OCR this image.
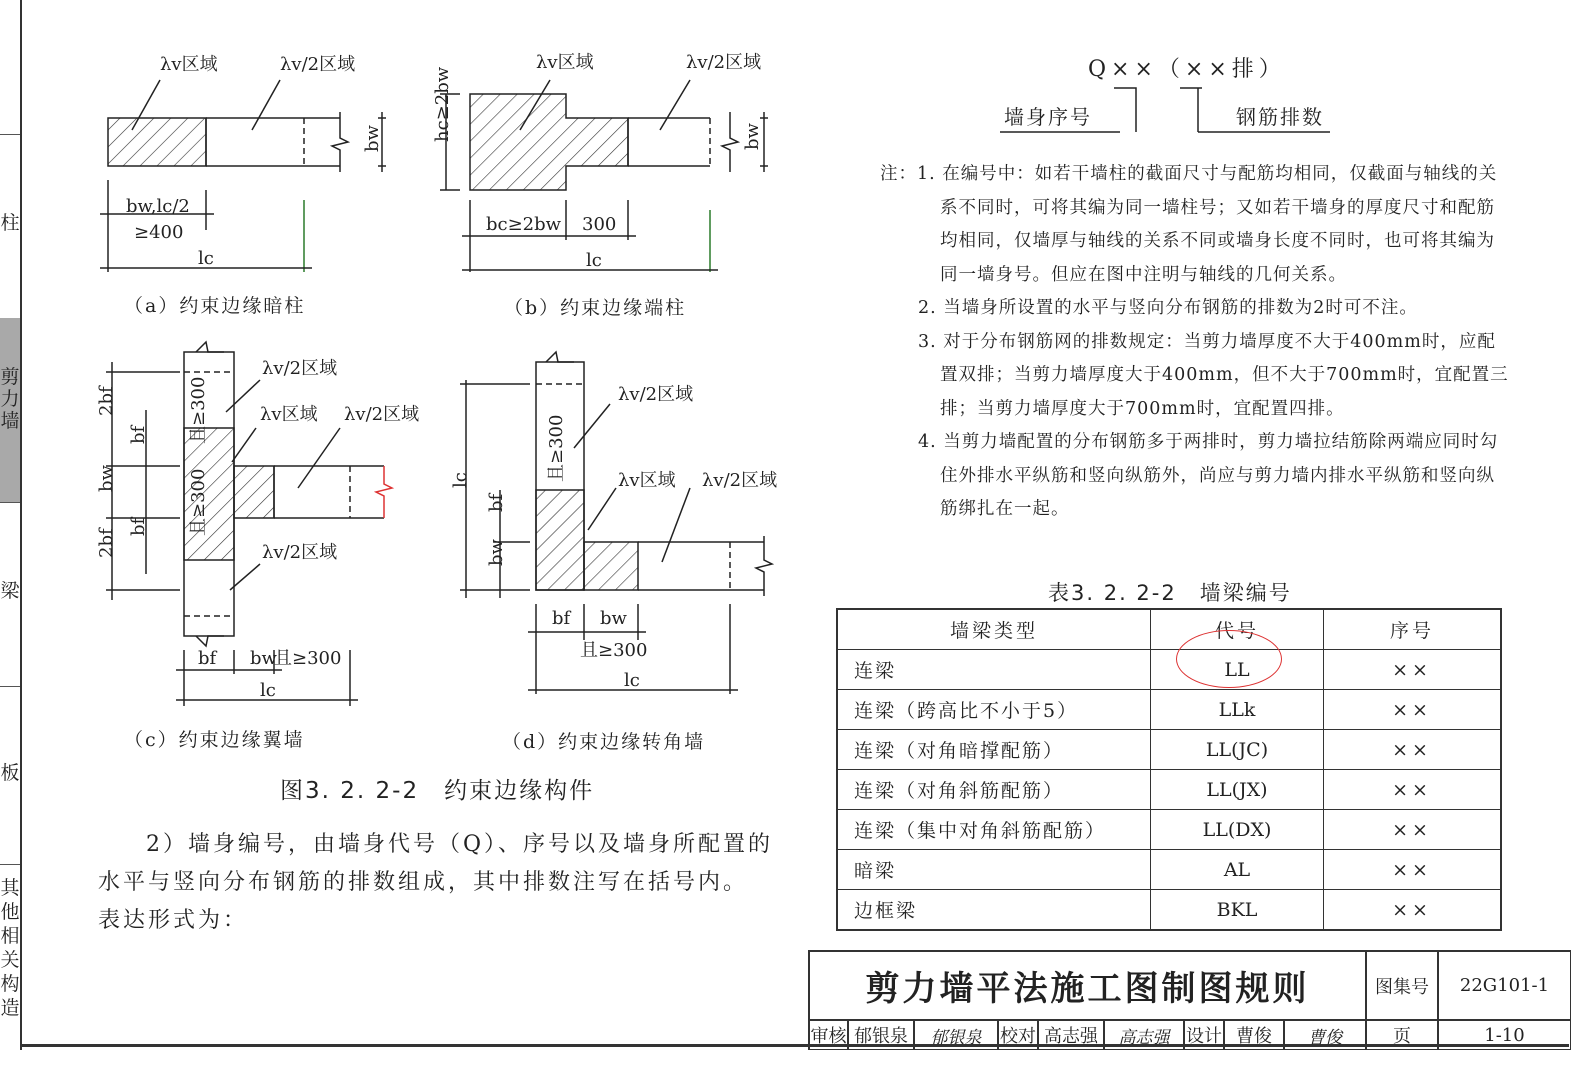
柱
剪力墙
梁
板
其他相关构造
λv区域	λv/2区域
bw,lc/2
≥400
lc
bw
λv区域	λv/2区域
hc≥2bw
bc≥2bw 300
lc
bw
λv/2区域
λv区域 λv/2区域
λv/2区域
2bf
bw
2bf
bf 且≥300
bf 且≥300
bf bw
且≥300
lc
λv/2区域
λv区域 λv/2区域
lc
bf
且≥300
bw
bf bw
且≥300
lc
（a）约束边缘暗柱	（b）约束边缘端柱
（c）约束边缘翼墙	（d）约束边缘转角墙
图3. 2. 2-2　约束边缘构件
2）墙身编号，由墙身代号（Q）、序号以及墙身所配置的
水平与竖向分布钢筋的排数组成，其中排数注写在括号内。
表达形式为：
Q××（××排）
墙身序号	钢筋排数
注：1. 在编号中：如若干墙柱的截面尺寸与配筋均相同，仅截面与轴线的关系不同时，可将其编为同一墙柱号；又如若干墙身的厚度尺寸和配筋均相同，仅墙厚与轴线的关系不同或墙身长度不同时，也可将其编为同一墙身号。但应在图中注明与轴线的几何关系。
2. 当墙身所设置的水平与竖向分布钢筋的排数为2时可不注。
3. 对于分布钢筋网的排数规定：当剪力墙厚度不大于400mm时，应配置双排；当剪力墙厚度大于400mm，但不大于700mm时，宜配置三排；当剪力墙厚度大于700mm时，宜配置四排。
4. 当剪力墙配置的分布钢筋多于两排时，剪力墙拉结筋除两端应同时勾住外排水平纵筋和竖向纵筋外，尚应与剪力墙内排水平纵筋和竖向纵筋绑扎在一起。
表3. 2. 2-2　墙梁编号
墙梁类型	代号	序号
连梁	LL	××
连梁（跨高比不小于5）	LLk	××
连梁（对角暗撑配筋）	LL(JC)	××
连梁（对角斜筋配筋）	LL(JX)	××
连梁（集中对角斜筋配筋）	LL(DX)	××
暗梁	AL	××
边框梁	BKL	××
剪力墙平法施工图制图规则	图集号	22G101-1
审核 郁银泉	郁银泉	校对 高志强	高志强 设计 曹俊	曹俊	页	1-10
